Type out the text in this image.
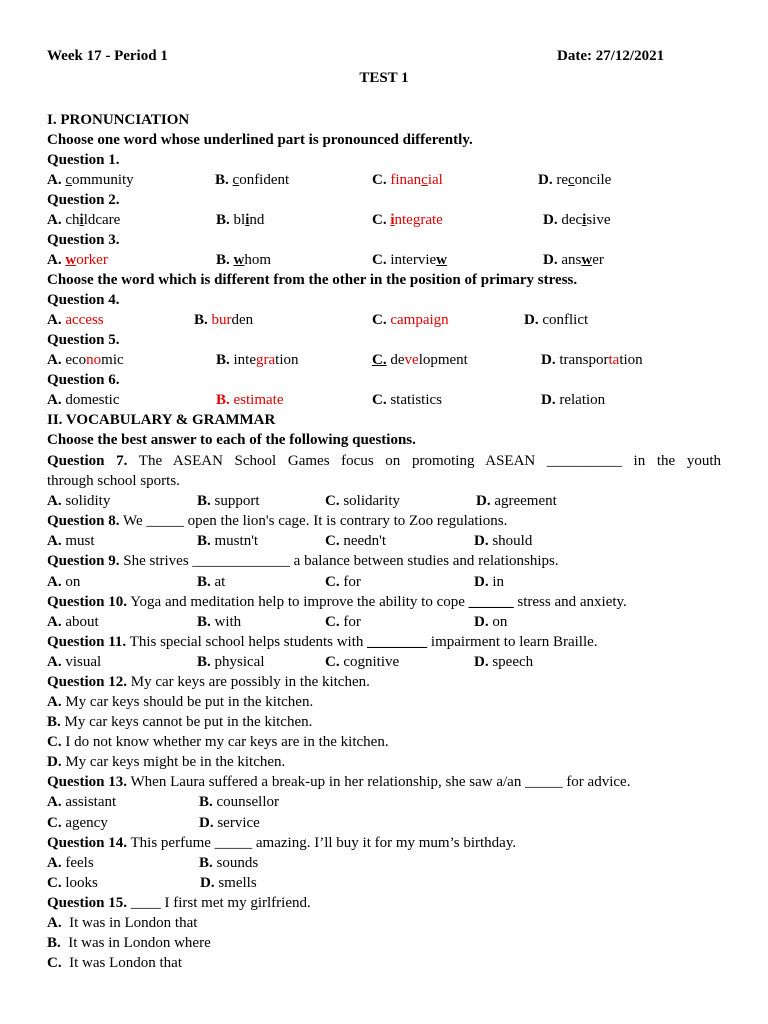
Week 17 - Period 1	Date: 27/12/2021
TEST 1
I. PRONUNCIATION
Choose one word whose underlined part is pronounced differently.
Question 1.
A. community	B. confident	C. financial	D. reconcile
Question 2.
A. childcare	B. blind	C. integrate	D. decisive
Question 3.
A. worker	B. whom	C. interview	D. answer
Choose the word which is different from the other in the position of primary stress.
Question 4.
A. access	B. burden	C. campaign	D. conflict
Question 5.
A. economic	B. integration	C. development	D. transportation
Question 6.
A. domestic	B. estimate	C. statistics	D. relation
II. VOCABULARY & GRAMMAR
Choose the best answer to each of the following questions.
Question 7. The ASEAN School Games focus on promoting ASEAN __________ in the youth
through school sports.
A. solidity	B. support	C. solidarity	D. agreement
Question 8. We _____ open the lion's cage. It is contrary to Zoo regulations.
A. must	B. mustn't	C. needn't	D. should
Question 9. She strives _____________ a balance between studies and relationships.
A. on	B. at	C. for	D. in
Question 10. Yoga and meditation help to improve the ability to cope ______ stress and anxiety.
A. about	B. with	C. for	D. on
Question 11. This special school helps students with ________ impairment to learn Braille.
A. visual	B. physical	C. cognitive	D. speech
Question 12. My car keys are possibly in the kitchen.
A. My car keys should be put in the kitchen.
B. My car keys cannot be put in the kitchen.
C. I do not know whether my car keys are in the kitchen.
D. My car keys might be in the kitchen.
Question 13. When Laura suffered a break-up in her relationship, she saw a/an _____ for advice.
A. assistant	B. counsellor
C. agency	D. service
Question 14. This perfume _____ amazing. I’ll buy it for my mum’s birthday.
A. feels	B. sounds
C. looks	D. smells
Question 15. ____ I first met my girlfriend.
A.  It was in London that
B.  It was in London where
C.  It was London that
